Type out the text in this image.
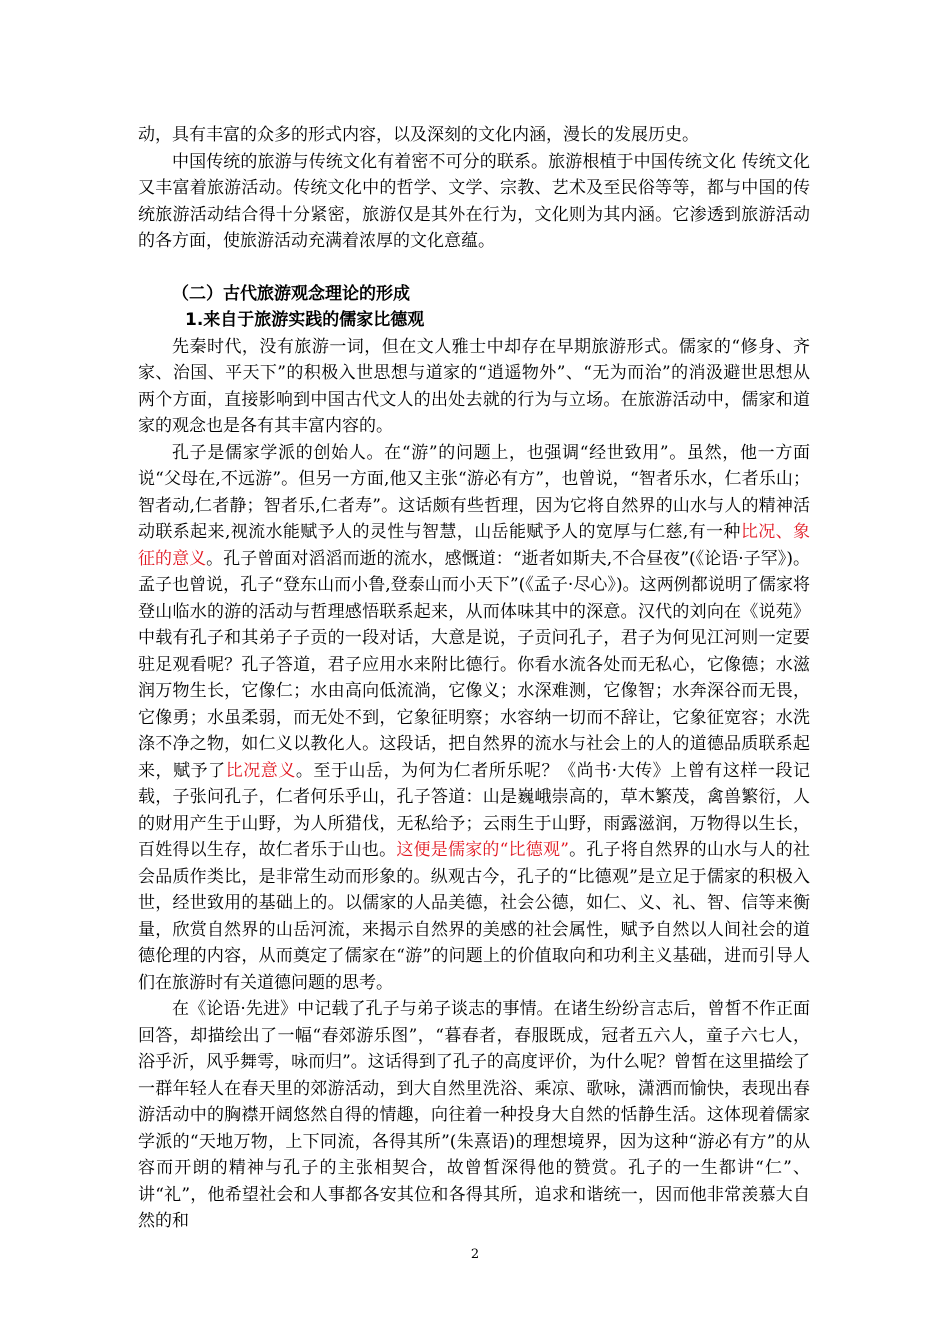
动，具有丰富的众多的形式内容，以及深刻的文化内涵，漫长的发展历史。

中国传统的旅游与传统文化有着密不可分的联系。旅游根植于中国传统文化 传统文化又丰富着旅游活动。传统文化中的哲学、文学、宗教、艺术及至民俗等等，都与中国的传统旅游活动结合得十分紧密，旅游仅是其外在行为，文化则为其内涵。它渗透到旅游活动的各方面，使旅游活动充满着浓厚的文化意蕴。

（二）古代旅游观念理论的形成

1.来自于旅游实践的儒家比德观

先秦时代，没有旅游一词，但在文人雅士中却存在早期旅游形式。儒家的“修身、齐家、治国、平天下”的积极入世思想与道家的“逍遥物外”、“无为而治”的消汲避世思想从两个方面，直接影响到中国古代文人的出处去就的行为与立场。在旅游活动中，儒家和道家的观念也是各有其丰富内容的。

孔子是儒家学派的创始人。在“游”的问题上，也强调“经世致用”。虽然，他一方面说“父母在,不远游”。但另一方面,他又主张“游必有方”，也曾说，“智者乐水，仁者乐山；智者动,仁者静；智者乐,仁者寿”。这话颇有些哲理，因为它将自然界的山水与人的精神活动联系起来,视流水能赋予人的灵性与智慧，山岳能赋予人的宽厚与仁慈,有一种比况、象征的意义。孔子曾面对滔滔而逝的流水，感慨道：“逝者如斯夫,不合昼夜”(《论语·子罕》)。孟子也曾说，孔子“登东山而小鲁,登泰山而小天下”(《孟子·尽心》)。这两例都说明了儒家将登山临水的游的活动与哲理感悟联系起来，从而体味其中的深意。汉代的刘向在《说苑》中载有孔子和其弟子子贡的一段对话，大意是说，子贡问孔子，君子为何见江河则一定要驻足观看呢？孔子答道，君子应用水来附比德行。你看水流各处而无私心，它像德；水滋润万物生长，它像仁；水由高向低流淌，它像义；水深难测，它像智；水奔深谷而无畏，它像勇；水虽柔弱，而无处不到，它象征明察；水容纳一切而不辞让，它象征宽容；水洗涤不净之物，如仁义以教化人。这段话，把自然界的流水与社会上的人的道德品质联系起来，赋予了比况意义。至于山岳，为何为仁者所乐呢？《尚书·大传》上曾有这样一段记载，子张问孔子，仁者何乐乎山，孔子答道：山是巍峨崇高的，草木繁茂，禽兽繁衍，人的财用产生于山野，为人所猎伐，无私给予；云雨生于山野，雨露滋润，万物得以生长，百姓得以生存，故仁者乐于山也。这便是儒家的“比德观”。孔子将自然界的山水与人的社会品质作类比，是非常生动而形象的。纵观古今，孔子的“比德观”是立足于儒家的积极入世，经世致用的基础上的。以儒家的人品美德，社会公德，如仁、义、礼、智、信等来衡量，欣赏自然界的山岳河流，来揭示自然界的美感的社会属性，赋予自然以人间社会的道德伦理的内容，从而奠定了儒家在“游”的问题上的价值取向和功利主义基础，进而引导人们在旅游时有关道德问题的思考。

在《论语·先进》中记载了孔子与弟子谈志的事情。在诸生纷纷言志后，曾皙不作正面回答，却描绘出了一幅“春郊游乐图”，“暮春者，春服既成，冠者五六人，童子六七人，浴乎沂，风乎舞雩，咏而归”。这话得到了孔子的高度评价，为什么呢？曾皙在这里描绘了一群年轻人在春天里的郊游活动，到大自然里洗浴、乘凉、歌咏，潇洒而愉快，表现出春游活动中的胸襟开阔悠然自得的情趣，向往着一种投身大自然的恬静生活。这体现着儒家学派的“天地万物，上下同流，各得其所”(朱熹语)的理想境界，因为这种“游必有方”的从容而开朗的精神与孔子的主张相契合，故曾皙深得他的赞赏。孔子的一生都讲“仁”、讲“礼”，他希望社会和人事都各安其位和各得其所，追求和谐统一，因而他非常羡慕大自然的和

2
